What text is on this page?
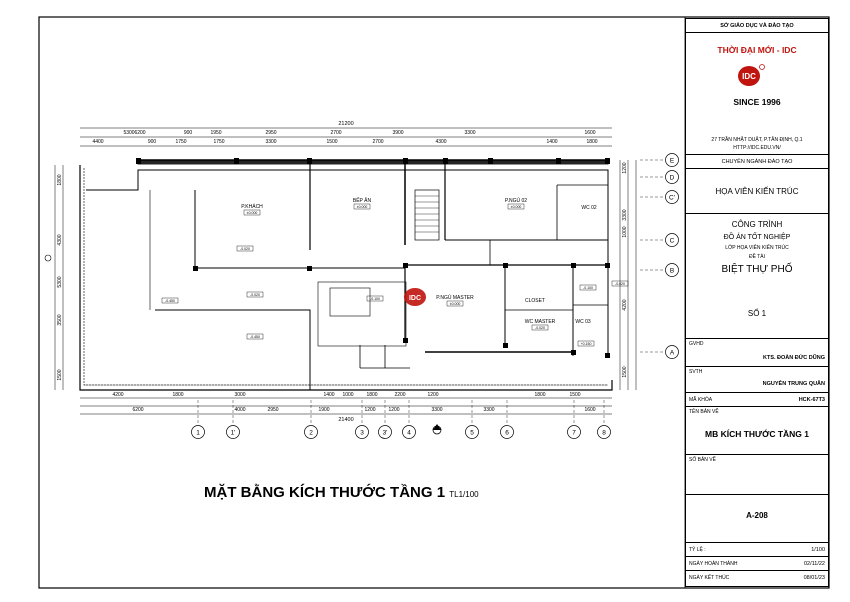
IDC
21200
21400
6200
5300	900	1950	2950	2700	3900	3300	1600
4400	900	1750	1750	3300	1500	2700	4300	1400	1800
4200	1800	3000	1400 1000	1800	2200	1200	1800	1500
6200	4000	2950	1900	1200	1200	3300	3300	1600
1800
4300
5300
3500
1500
1200
3300
1000
4200
1500
1	1'	2	3	3'	4	5	6	7	8
E
D
C'
C
B
A
P.KHÁCH
±0.000
BẾP ĂN
±0.000
P.NGỦ 02
±0.000	WC 02
P.NGỦ MASTER
±0.000	CLOSET
WC MASTER
-0.020
WC 03
-0.020
-0.020
-0.100
-0.450
-0.450
-0.100
-0.020
+0.150
MẶT BẰNG KÍCH THƯỚC TẦNG 1 TL1/100
SỞ GIÁO DỤC VÀ ĐÀO TẠO
THỜI ĐẠI MỚI - IDC
IDC
SINCE 1996
27 TRẦN NHẬT DUẬT, P.TÂN ĐỊNH, Q.1
HTTP://IDC.EDU.VN/
CHUYÊN NGÀNH ĐÀO TẠO
HỌA VIÊN KIẾN TRÚC
CÔNG TRÌNH
ĐỒ ÁN TỐT NGHIỆP
LỚP HỌA VIÊN KIẾN TRÚC
ĐỀ TÀI
BIỆT THỰ PHỐ
SỐ 1
GVHD
KTS. ĐOÀN ĐỨC DŨNG
SVTH
NGUYỄN TRUNG QUÂN
MÃ KHÓA	HCK-67T3
TÊN BẢN VẼ
MB KÍCH THƯỚC TẦNG 1
SỐ BẢN VẼ
A-208
TỶ LỆ :	1/100
NGÀY HOÀN THÀNH	02/11/22
NGÀY KẾT THÚC	08/01/23
